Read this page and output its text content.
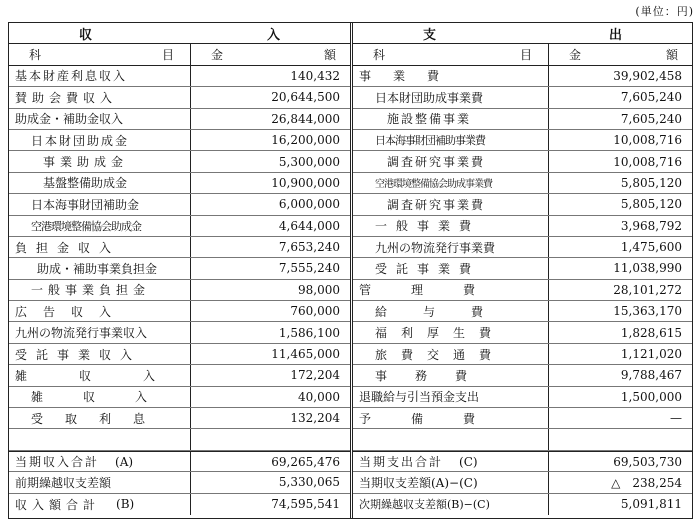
(単位：円)
収	入
科	目	金	額
基本財産利息収入	140,432
賛助会費収入	20,644,500
助成金・補助金収入	26,844,000
日本財団助成金	16,200,000
事業助成金	5,300,000
基盤整備助成金	10,900,000
日本海事財団補助金	6,000,000
空港環境整備協会助成金	4,644,000
負担金収入	7,653,240
助成・補助事業負担金	7,555,240
一般事業負担金	98,000
広告収入	760,000
九州の物流発行事業収入	1,586,100
受託事業収入	11,465,000
雑収入	172,204
雑収入	40,000
受取利息	132,204
当期収入合計 (A)	69,265,476
前期繰越収支差額	5,330,065
収入額合計 (B)	74,595,541
支	出
科	目	金	額
事業費	39,902,458
日本財団助成事業費	7,605,240
施設整備事業	7,605,240
日本海事財団補助事業費	10,008,716
調査研究事業費	10,008,716
空港環境整備協会助成事業費	5,805,120
調査研究事業費	5,805,120
一般事業費	3,968,792
九州の物流発行事業費	1,475,600
受託事業費	11,038,990
管理費	28,101,272
給与費	15,363,170
福利厚生費	1,828,615
旅費交通費	1,121,020
事務費	9,788,467
退職給与引当預金支出	1,500,000
予備費	—
当期支出合計 (C)	69,503,730
当期収支差額(A)−(C)	△　238,254
次期繰越収支差額(B)−(C)	5,091,811
